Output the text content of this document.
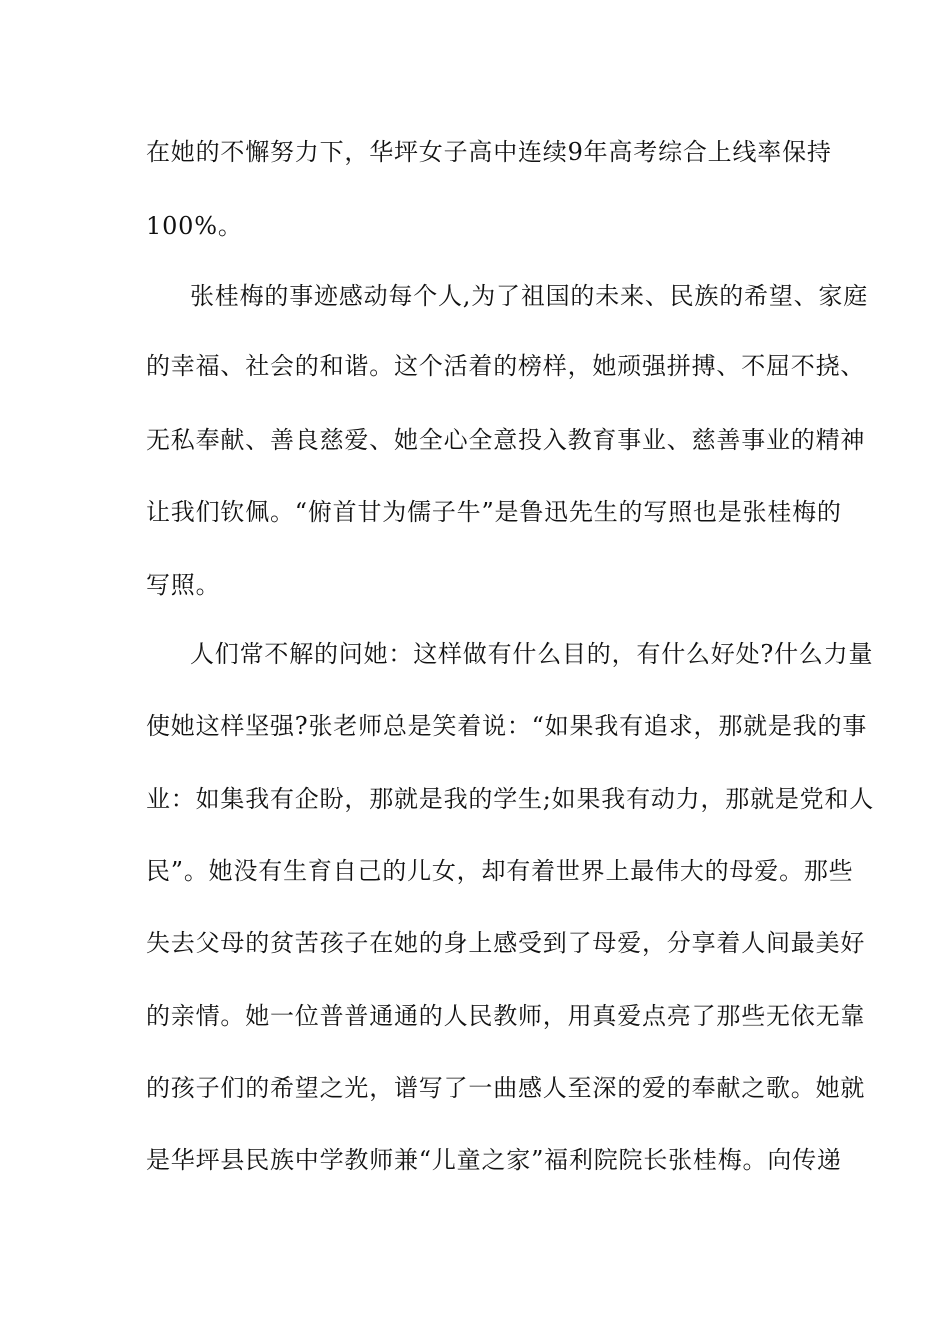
在她的不懈努力下，华坪女子高中连续9年高考综合上线率保持
100%。
张桂梅的事迹感动每个人,为了祖国的未来、民族的希望、家庭
的幸福、社会的和谐。这个活着的榜样，她顽强拼搏、不屈不挠、
无私奉献、善良慈爱、她全心全意投入教育事业、慈善事业的精神
让我们钦佩。“俯首甘为儒子牛”是鲁迅先生的写照也是张桂梅的
写照。
人们常不解的问她：这样做有什么目的，有什么好处?什么力量
使她这样坚强?张老师总是笑着说：“如果我有追求，那就是我的事
业：如集我有企盼，那就是我的学生;如果我有动力，那就是党和人
民”。她没有生育自己的儿女，却有着世界上最伟大的母爱。那些
失去父母的贫苦孩子在她的身上感受到了母爱，分享着人间最美好
的亲情。她一位普普通通的人民教师，用真爱点亮了那些无依无靠
的孩子们的希望之光，谱写了一曲感人至深的爱的奉献之歌。她就
是华坪县民族中学教师兼“儿童之家”福利院院长张桂梅。向传递
